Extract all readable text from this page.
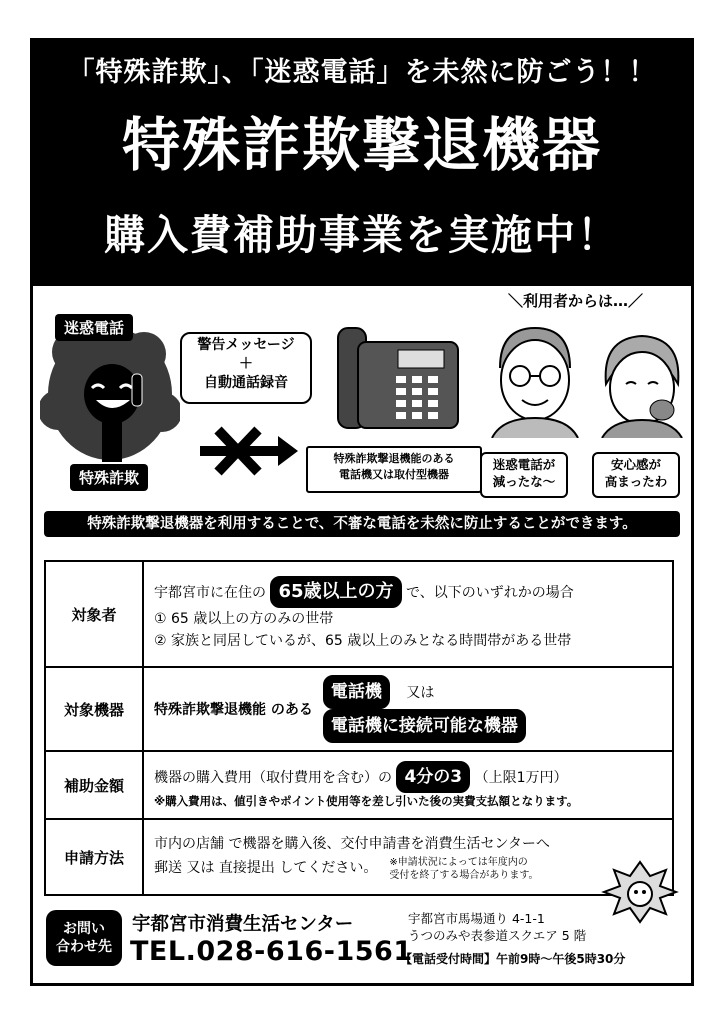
「特殊詐欺」、「迷惑電話」を未然に防ごう！！
特殊詐欺撃退機器
購入費補助事業を実施中！
迷惑電話
特殊詐欺
警告メッセージ
＋
自動通話録音
特殊詐欺撃退機能のある
電話機又は取付型機器
＼利用者からは…／
迷惑電話が
減ったな〜
安心感が
高まったわ
特殊詐欺撃退機器を利用することで、不審な電話を未然に防止することができます。
対象者	宇都宮市に在住の 65歳以上の方 で、以下のいずれかの場合
① 65 歳以上の方のみの世帯
② 家族と同居しているが、65 歳以上のみとなる時間帯がある世帯

対象機器	特殊詐欺撃退機能 のある
電話機 又は
電話機に接続可能な機器

補助金額	機器の購入費用（取付費用を含む）の 4分の3 （上限1万円）
※購入費用は、値引きやポイント使用等を差し引いた後の実費支払額となります。

申請方法	市内の店舗 で機器を購入後、交付申請書を消費生活センターへ
郵送 又は 直接提出 してください。 ※申請状況によっては年度内の
受付を終了する場合があります。
お問い
合わせ先
宇都宮市消費生活センター
TEL.028-616-1561
宇都宮市馬場通り 4-1-1
うつのみや表参道スクエア 5 階
【電話受付時間】午前9時〜午後5時30分
